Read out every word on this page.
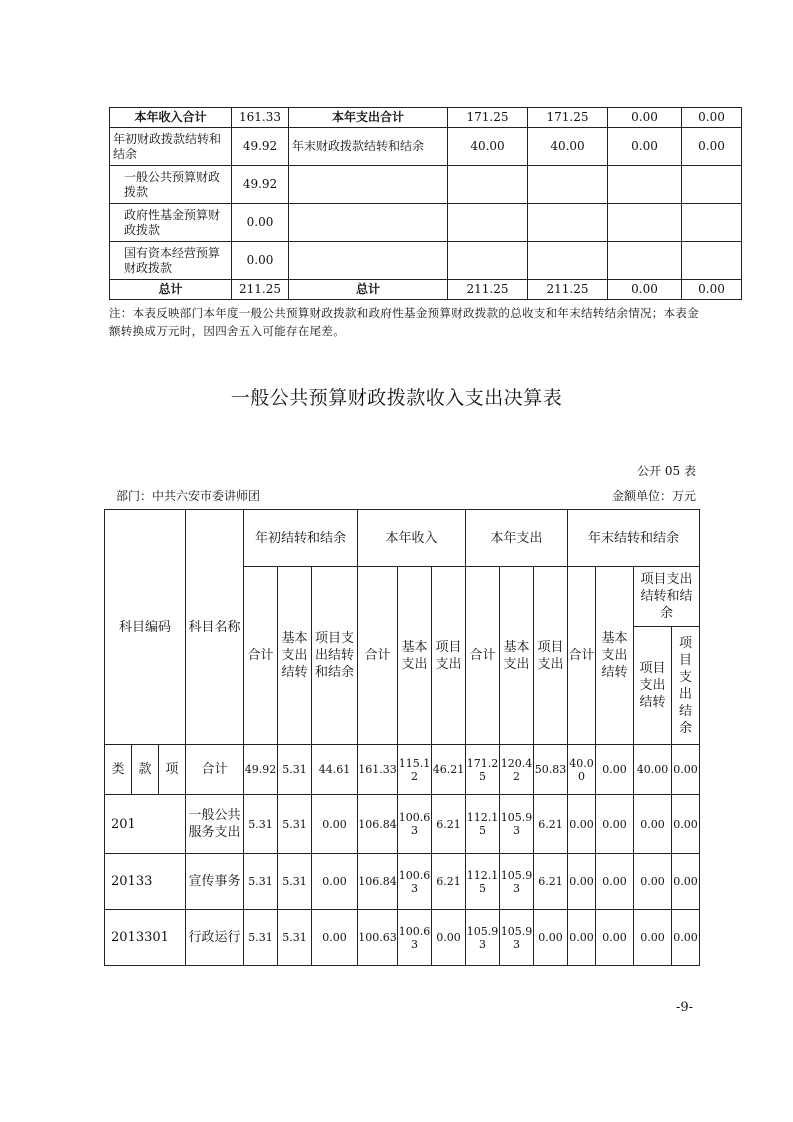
本年收入合计	161.33	本年支出合计	171.25	171.25	0.00	0.00
年初财政拨款结转和结余	49.92	年末财政拨款结转和结余	40.00	40.00	0.00	0.00
一般公共预算财政拨款	49.92					
政府性基金预算财政拨款	0.00					
国有资本经营预算财政拨款	0.00					
总计	211.25	总计	211.25	211.25	0.00	0.00
注：本表反映部门本年度一般公共预算财政拨款和政府性基金预算财政拨款的总收支和年末结转结余情况；本表金额转换成万元时，因四舍五入可能存在尾差。
一般公共预算财政拨款收入支出决算表
公开 05 表
部门：中共六安市委讲师团	金额单位：万元
科目编码			科目名称	年初结转和结余			本年收入			本年支出			年末结转和结余			
				合计	基本支出结转	项目支出结转和结余	合计	基本支出	项目支出	合计	基本支出	项目支出	合计	基本支出结转	项目支出结转和结余	
															项目支出结转	项目支出结余
类	款	项	合计	49.92	5.31	44.61	161.33	115.12	46.21	171.25	120.42	50.83	40.00	0.00	40.00	0.00
201			一般公共服务支出	5.31	5.31	0.00	106.84	100.63	6.21	112.15	105.93	6.21	0.00	0.00	0.00	0.00
20133			宣传事务	5.31	5.31	0.00	106.84	100.63	6.21	112.15	105.93	6.21	0.00	0.00	0.00	0.00
2013301			行政运行	5.31	5.31	0.00	100.63	100.63	0.00	105.93	105.93	0.00	0.00	0.00	0.00	0.00
-9-
